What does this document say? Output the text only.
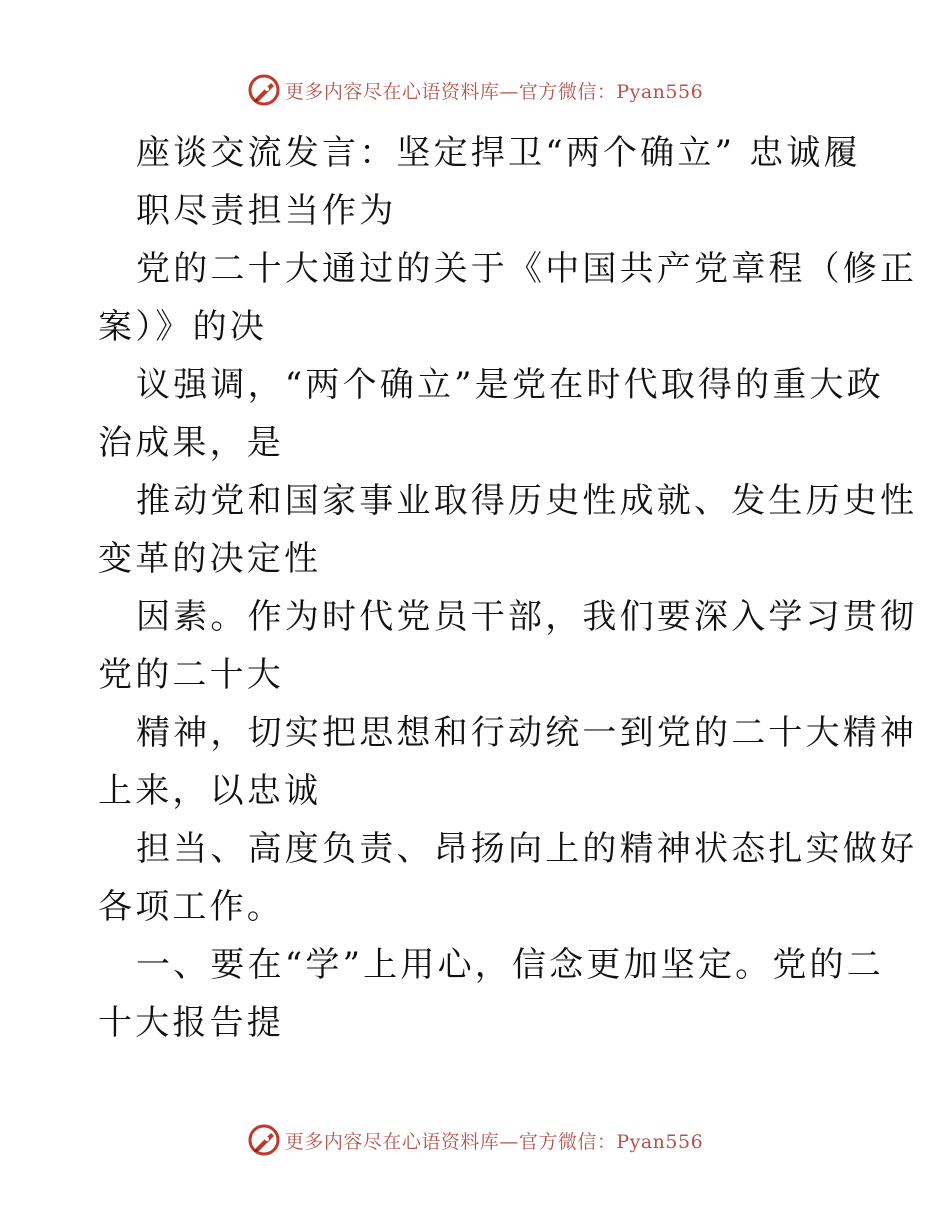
更多内容尽在心语资料库—官方微信：Pyan556
座谈交流发言：坚定捍卫“两个确立” 忠诚履
职尽责担当作为
党的二十大通过的关于《中国共产党章程（修正
案）》的决
议强调，“两个确立”是党在时代取得的重大政
治成果，是
推动党和国家事业取得历史性成就、发生历史性
变革的决定性
因素。作为时代党员干部，我们要深入学习贯彻
党的二十大
精神，切实把思想和行动统一到党的二十大精神
上来，以忠诚
担当、高度负责、昂扬向上的精神状态扎实做好
各项工作。
一、要在“学”上用心，信念更加坚定。党的二
十大报告提
更多内容尽在心语资料库—官方微信：Pyan556
